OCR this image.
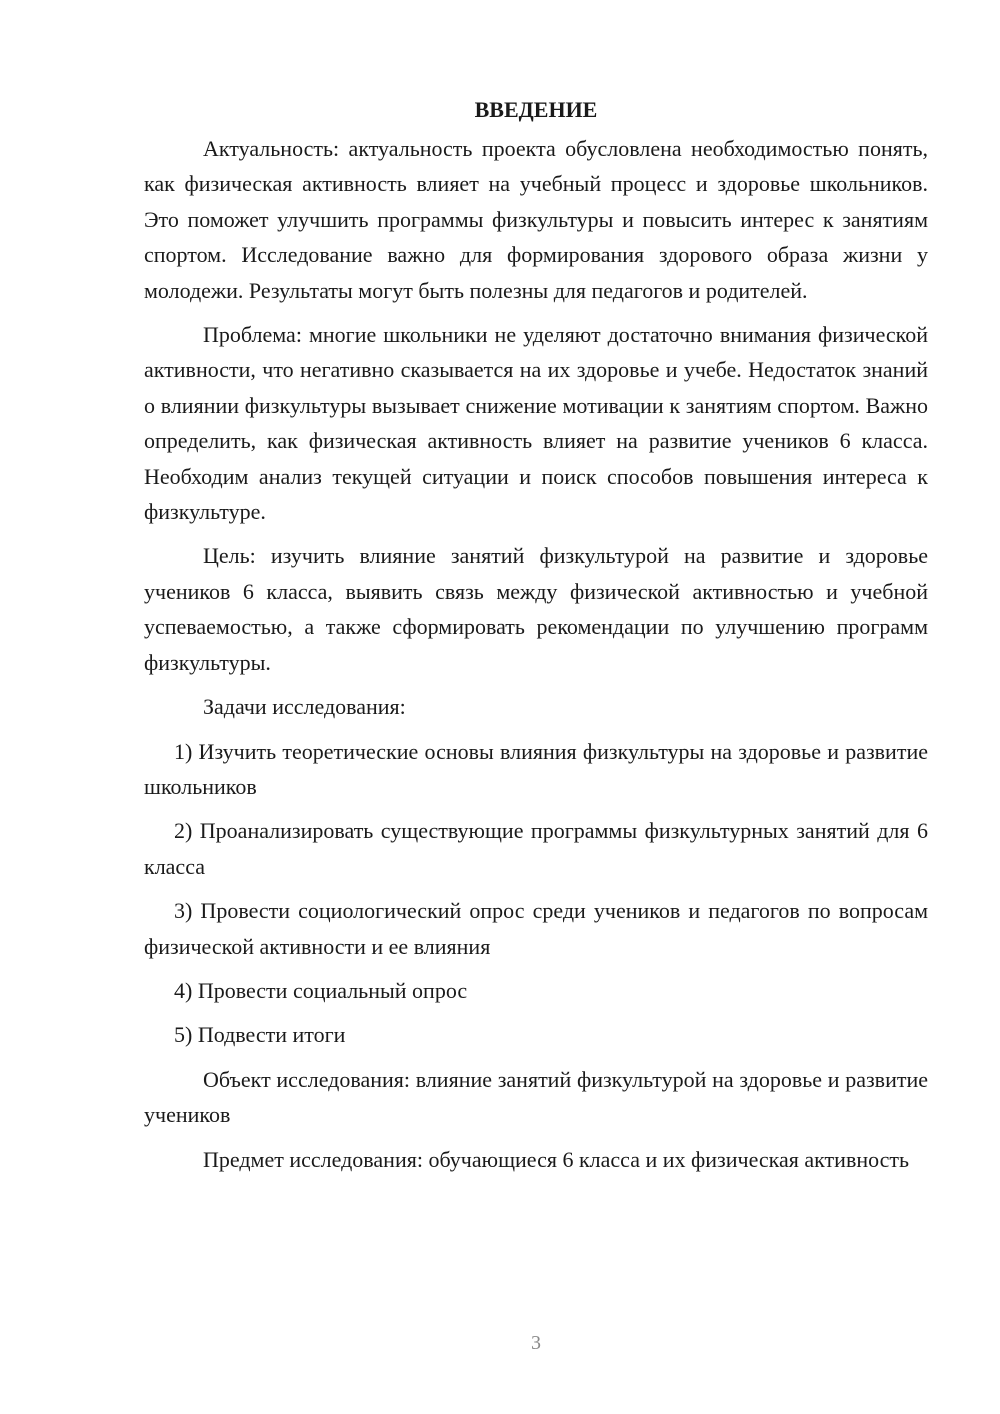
ВВЕДЕНИЕ

Актуальность: актуальность проекта обусловлена необходимостью понять, как физическая активность влияет на учебный процесс и здоровье школьников. Это поможет улучшить программы физкультуры и повысить интерес к занятиям спортом. Исследование важно для формирования здорового образа жизни у молодежи. Результаты могут быть полезны для педагогов и родителей.

Проблема: многие школьники не уделяют достаточно внимания физической активности, что негативно сказывается на их здоровье и учебе. Недостаток знаний о влиянии физкультуры вызывает снижение мотивации к занятиям спортом. Важно определить, как физическая активность влияет на развитие учеников 6 класса. Необходим анализ текущей ситуации и поиск способов повышения интереса к физкультуре.

Цель: изучить влияние занятий физкультурой на развитие и здоровье учеников 6 класса, выявить связь между физической активностью и учебной успеваемостью, а также сформировать рекомендации по улучшению программ физкультуры.

Задачи исследования:

1) Изучить теоретические основы влияния физкультуры на здоровье и развитие школьников

2) Проанализировать существующие программы физкультурных занятий для 6 класса

3) Провести социологический опрос среди учеников и педагогов по вопросам физической активности и ее влияния

4) Провести социальный опрос

5) Подвести итоги

Объект исследования: влияние занятий физкультурой на здоровье и развитие учеников

Предмет исследования: обучающиеся 6 класса и их физическая активность

3
